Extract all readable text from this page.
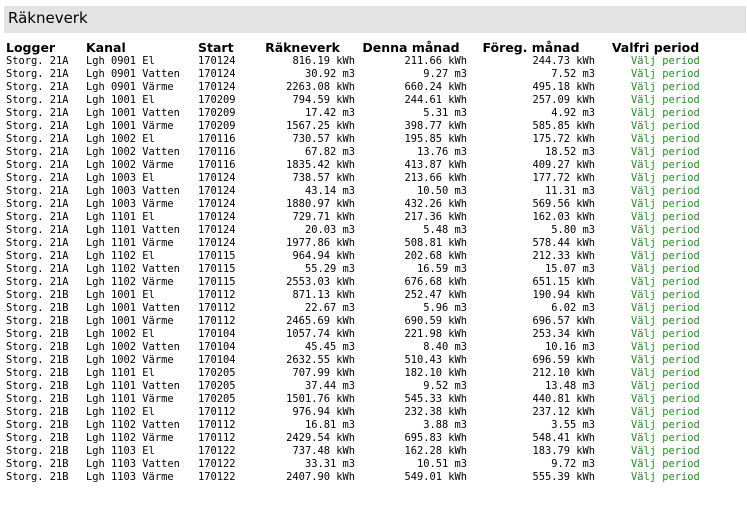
Räkneverk
Logger	Kanal	Start	Räkneverk	Denna månad	Föreg. månad	Valfri period
Storg. 21A	Lgh 0901 El	170124	816.19 kWh	211.66 kWh	244.73 kWh	Välj period
Storg. 21A	Lgh 0901 Vatten	170124	30.92 m3	9.27 m3	7.52 m3	Välj period
Storg. 21A	Lgh 0901 Värme	170124	2263.08 kWh	660.24 kWh	495.18 kWh	Välj period
Storg. 21A	Lgh 1001 El	170209	794.59 kWh	244.61 kWh	257.09 kWh	Välj period
Storg. 21A	Lgh 1001 Vatten	170209	17.42 m3	5.31 m3	4.92 m3	Välj period
Storg. 21A	Lgh 1001 Värme	170209	1567.25 kWh	398.77 kWh	585.85 kWh	Välj period
Storg. 21A	Lgh 1002 El	170116	730.57 kWh	195.85 kWh	175.72 kWh	Välj period
Storg. 21A	Lgh 1002 Vatten	170116	67.82 m3	13.76 m3	18.52 m3	Välj period
Storg. 21A	Lgh 1002 Värme	170116	1835.42 kWh	413.87 kWh	409.27 kWh	Välj period
Storg. 21A	Lgh 1003 El	170124	738.57 kWh	213.66 kWh	177.72 kWh	Välj period
Storg. 21A	Lgh 1003 Vatten	170124	43.14 m3	10.50 m3	11.31 m3	Välj period
Storg. 21A	Lgh 1003 Värme	170124	1880.97 kWh	432.26 kWh	569.56 kWh	Välj period
Storg. 21A	Lgh 1101 El	170124	729.71 kWh	217.36 kWh	162.03 kWh	Välj period
Storg. 21A	Lgh 1101 Vatten	170124	20.03 m3	5.48 m3	5.80 m3	Välj period
Storg. 21A	Lgh 1101 Värme	170124	1977.86 kWh	508.81 kWh	578.44 kWh	Välj period
Storg. 21A	Lgh 1102 El	170115	964.94 kWh	202.68 kWh	212.33 kWh	Välj period
Storg. 21A	Lgh 1102 Vatten	170115	55.29 m3	16.59 m3	15.07 m3	Välj period
Storg. 21A	Lgh 1102 Värme	170115	2553.03 kWh	676.68 kWh	651.15 kWh	Välj period
Storg. 21B	Lgh 1001 El	170112	871.13 kWh	252.47 kWh	190.94 kWh	Välj period
Storg. 21B	Lgh 1001 Vatten	170112	22.67 m3	5.96 m3	6.02 m3	Välj period
Storg. 21B	Lgh 1001 Värme	170112	2465.69 kWh	690.59 kWh	696.57 kWh	Välj period
Storg. 21B	Lgh 1002 El	170104	1057.74 kWh	221.98 kWh	253.34 kWh	Välj period
Storg. 21B	Lgh 1002 Vatten	170104	45.45 m3	8.40 m3	10.16 m3	Välj period
Storg. 21B	Lgh 1002 Värme	170104	2632.55 kWh	510.43 kWh	696.59 kWh	Välj period
Storg. 21B	Lgh 1101 El	170205	707.99 kWh	182.10 kWh	212.10 kWh	Välj period
Storg. 21B	Lgh 1101 Vatten	170205	37.44 m3	9.52 m3	13.48 m3	Välj period
Storg. 21B	Lgh 1101 Värme	170205	1501.76 kWh	545.33 kWh	440.81 kWh	Välj period
Storg. 21B	Lgh 1102 El	170112	976.94 kWh	232.38 kWh	237.12 kWh	Välj period
Storg. 21B	Lgh 1102 Vatten	170112	16.81 m3	3.88 m3	3.55 m3	Välj period
Storg. 21B	Lgh 1102 Värme	170112	2429.54 kWh	695.83 kWh	548.41 kWh	Välj period
Storg. 21B	Lgh 1103 El	170122	737.48 kWh	162.28 kWh	183.79 kWh	Välj period
Storg. 21B	Lgh 1103 Vatten	170122	33.31 m3	10.51 m3	9.72 m3	Välj period
Storg. 21B	Lgh 1103 Värme	170122	2407.90 kWh	549.01 kWh	555.39 kWh	Välj period
